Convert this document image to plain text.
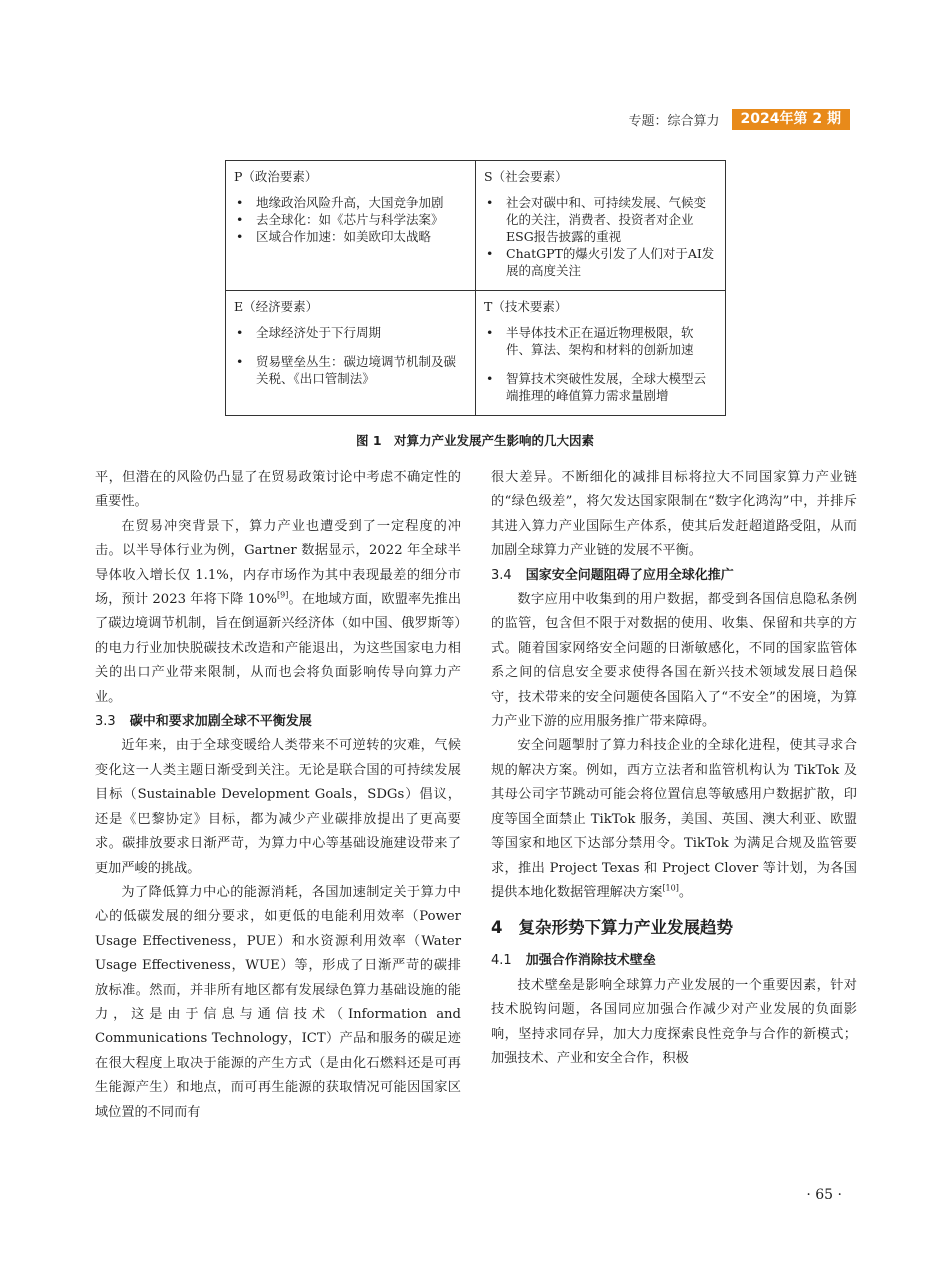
专题：综合算力	2024年第 2 期
P（政治要素）
• 地缘政治风险升高，大国竞争加剧
• 去全球化：如《芯片与科学法案》
• 区域合作加速：如美欧印太战略
S（社会要素）
• 社会对碳中和、可持续发展、气候变化的关注，消费者、投资者对企业ESG报告披露的重视
• ChatGPT的爆火引发了人们对于AI发展的高度关注
E（经济要素）
• 全球经济处于下行周期
• 贸易壁垒丛生：碳边境调节机制及碳关税、《出口管制法》
T（技术要素）
• 半导体技术正在逼近物理极限，软件、算法、架构和材料的创新加速
• 智算技术突破性发展，全球大模型云端推理的峰值算力需求量剧增
图 1　对算力产业发展产生影响的几大因素

平，但潜在的风险仍凸显了在贸易政策讨论中考虑不确定性的重要性。

在贸易冲突背景下，算力产业也遭受到了一定程度的冲击。以半导体行业为例，Gartner 数据显示，2022 年全球半导体收入增长仅 1.1%，内存市场作为其中表现最差的细分市场，预计 2023 年将下降 10%[9]。在地域方面，欧盟率先推出了碳边境调节机制，旨在倒逼新兴经济体（如中国、俄罗斯等）的电力行业加快脱碳技术改造和产能退出，为这些国家电力相关的出口产业带来限制，从而也会将负面影响传导向算力产业。

3.3 碳中和要求加剧全球不平衡发展

近年来，由于全球变暖给人类带来不可逆转的灾难，气候变化这一人类主题日渐受到关注。无论是联合国的可持续发展目标（Sustainable Development Goals，SDGs）倡议，还是《巴黎协定》目标，都为减少产业碳排放提出了更高要求。碳排放要求日渐严苛，为算力中心等基础设施建设带来了更加严峻的挑战。

为了降低算力中心的能源消耗，各国加速制定关于算力中心的低碳发展的细分要求，如更低的电能利用效率（Power Usage Effectiveness，PUE）和水资源利用效率（Water Usage Effectiveness，WUE）等，形成了日渐严苛的碳排放标准。然而，并非所有地区都有发展绿色算力基础设施的能力，这是由于信息与通信技术（Information and Communications Technology，ICT）产品和服务的碳足迹在很大程度上取决于能源的产生方式（是由化石燃料还是可再生能源产生）和地点，而可再生能源的获取情况可能因国家区域位置的不同而有

很大差异。不断细化的减排目标将拉大不同国家算力产业链的“绿色级差”，将欠发达国家限制在“数字化鸿沟”中，并排斥其进入算力产业国际生产体系，使其后发赶超道路受阻，从而加剧全球算力产业链的发展不平衡。

3.4 国家安全问题阻碍了应用全球化推广

数字应用中收集到的用户数据，都受到各国信息隐私条例的监管，包含但不限于对数据的使用、收集、保留和共享的方式。随着国家网络安全问题的日渐敏感化，不同的国家监管体系之间的信息安全要求使得各国在新兴技术领域发展日趋保守，技术带来的安全问题使各国陷入了“不安全”的困境，为算力产业下游的应用服务推广带来障碍。

安全问题掣肘了算力科技企业的全球化进程，使其寻求合规的解决方案。例如，西方立法者和监管机构认为 TikTok 及其母公司字节跳动可能会将位置信息等敏感用户数据扩散，印度等国全面禁止 TikTok 服务，美国、英国、澳大利亚、欧盟等国家和地区下达部分禁用令。TikTok 为满足合规及监管要求，推出 Project Texas 和 Project Clover 等计划，为各国提供本地化数据管理解决方案[10]。

4 复杂形势下算力产业发展趋势
4.1 加强合作消除技术壁垒

技术壁垒是影响全球算力产业发展的一个重要因素，针对技术脱钩问题，各国同应加强合作减少对产业发展的负面影响，坚持求同存异，加大力度探索良性竞争与合作的新模式；加强技术、产业和安全合作，积极

· 65 ·
